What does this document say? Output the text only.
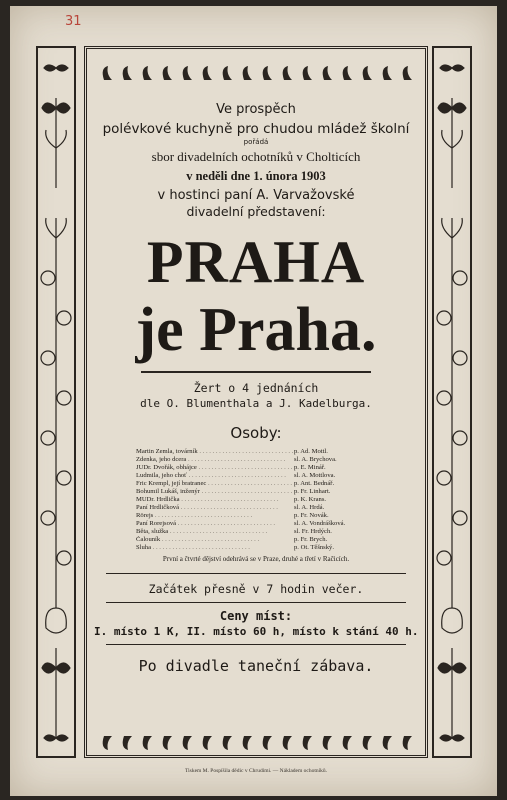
31
Ve prospěch
polévkové kuchyně pro chudou mládež školní
pořádá
sbor divadelních ochotníků v Cholticích
v neděli dne 1. února 1903
v hostinci paní A. Varvažovské
divadelní představení:
PRAHA
je Praha.
Žert o 4 jednáních
dle O. Blumenthala a J. Kadelburga.
Osoby:
Martin Zemla, továrník . . .	p. Ad. Mottl.
Zdenka, jeho dcera . . .	sl. A. Brychova.
JUDr. Dvořák, obhájce . . .	p. E. Minář.
Ludmila, jeho choť . . .	sl. A. Mottlova.
Fric Krempl, její bratranec . . .	p. Ant. Bednář.
Bohumil Lukáš, inženýr . . .	p. Fr. Linhart.
MUDr. Hrdlička . . .	p. K. Krans.
Paní Hrdličková . . .	sl. A. Hrdá.
Rörejs . . .	p. Fr. Novák.
Paní Rorejsová . . .	sl. A. Vondrášková.
Běta, služka . . .	sl. Fr. Hrdých.
Čalouník . . .	p. Fr. Brych.
Sluha . . .	p. Ot. Těšnský.
První a čtvrté dějství odehrává se v Praze, druhé a třetí v Račicích.
Začátek přesně v 7 hodin večer.
Ceny míst:
I. místo 1 K, II. místo 60 h, místo k stání 40 h.
Po divadle taneční zábava.
Tiskem M. Pospíšila dědic v Chrudimi. — Nákladem ochotníků.
